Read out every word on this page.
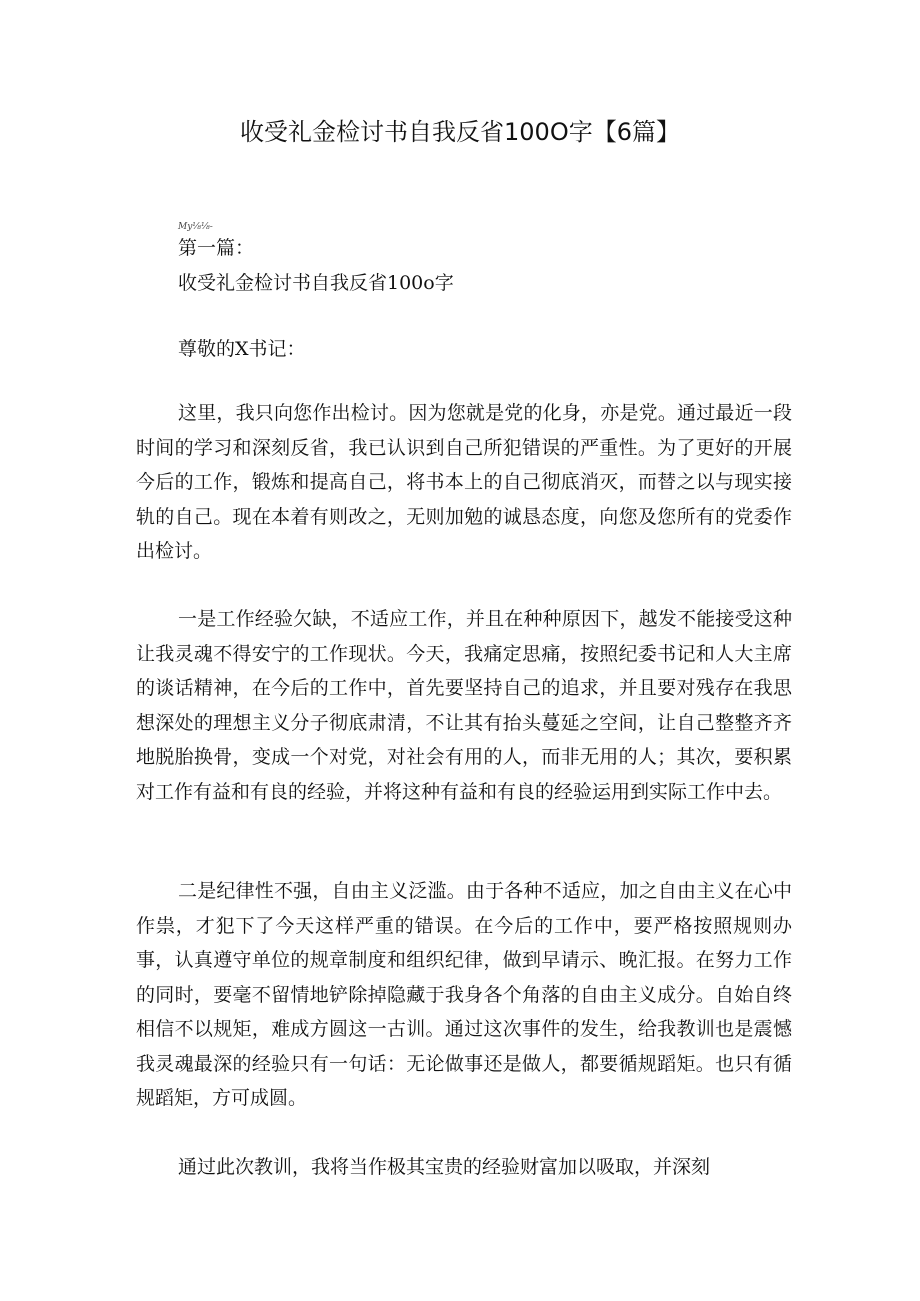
收受礼金检讨书自我反省100O字【6篇】
My⅛⅛-
第一篇：
收受礼金检讨书自我反省100o字
尊敬的X书记：
这里，我只向您作出检讨。因为您就是党的化身，亦是党。通过最近一段时间的学习和深刻反省，我已认识到自己所犯错误的严重性。为了更好的开展今后的工作，锻炼和提高自己，将书本上的自己彻底消灭，而替之以与现实接轨的自己。现在本着有则改之，无则加勉的诚恳态度，向您及您所有的党委作出检讨。
一是工作经验欠缺，不适应工作，并且在种种原因下，越发不能接受这种让我灵魂不得安宁的工作现状。今天，我痛定思痛，按照纪委书记和人大主席的谈话精神，在今后的工作中，首先要坚持自己的追求，并且要对残存在我思想深处的理想主义分子彻底肃清，不让其有抬头蔓延之空间，让自己整整齐齐地脱胎换骨，变成一个对党，对社会有用的人，而非无用的人；其次，要积累对工作有益和有良的经验，并将这种有益和有良的经验运用到实际工作中去。
二是纪律性不强，自由主义泛滥。由于各种不适应，加之自由主义在心中作祟，才犯下了今天这样严重的错误。在今后的工作中，要严格按照规则办事，认真遵守单位的规章制度和组织纪律，做到早请示、晚汇报。在努力工作的同时，要毫不留情地铲除掉隐藏于我身各个角落的自由主义成分。自始自终相信不以规矩，难成方圆这一古训。通过这次事件的发生，给我教训也是震憾我灵魂最深的经验只有一句话：无论做事还是做人，都要循规蹈矩。也只有循规蹈矩，方可成圆。
通过此次教训，我将当作极其宝贵的经验财富加以吸取，并深刻
